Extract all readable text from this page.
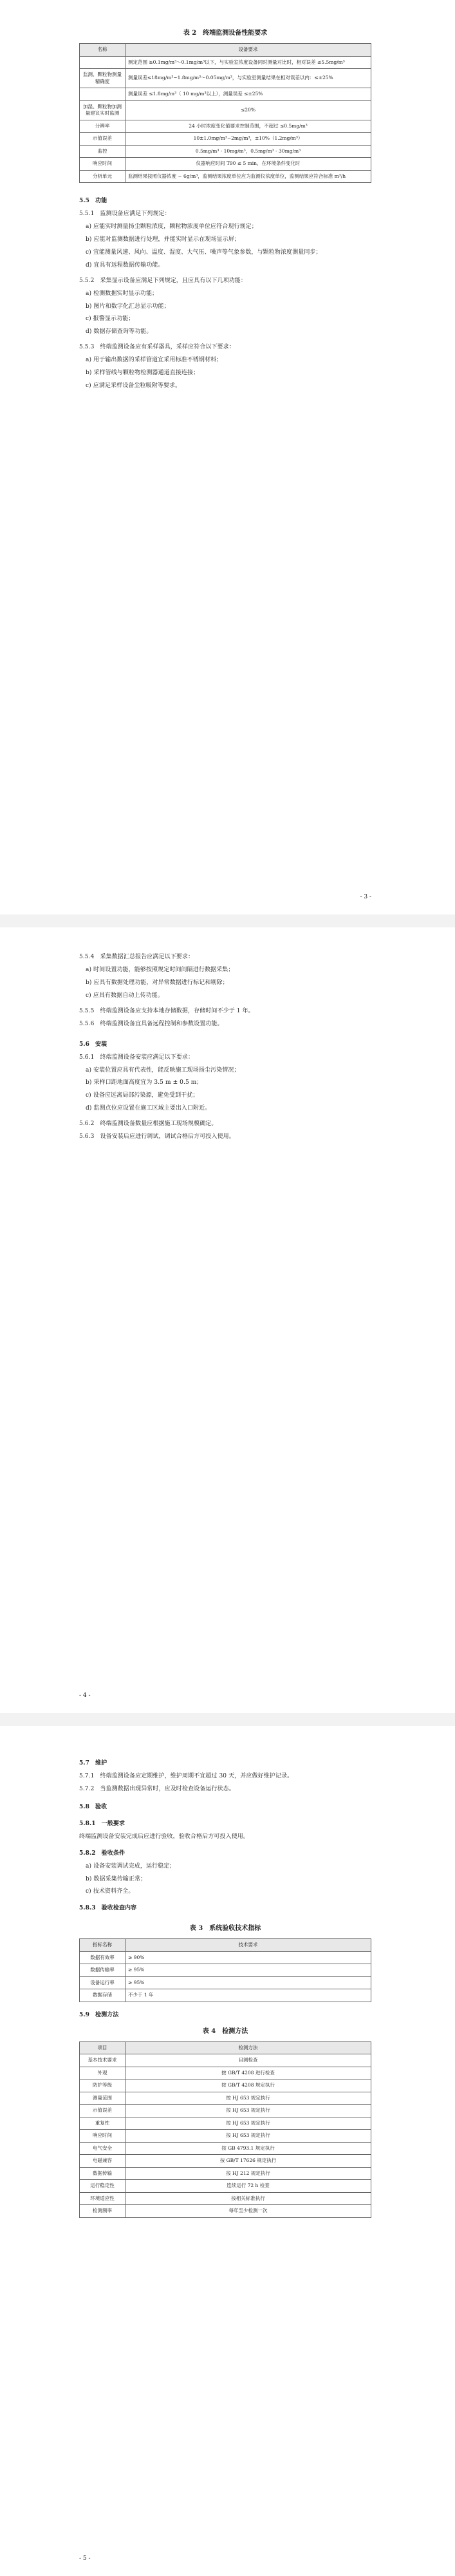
表 2　终端监测设备性能要求
名称	设备要求
	测定范围 ≥0.1mg/m³～0.1mg/m³以下，与实验室浓度设备同时测量对比时，相对误差 ≤5.5mg/m³
监测、颗粒物测量精确度	测量误差≤18mg/m³~1.8mg/m³～0.05mg/m³，与实验室测量结果在相对误差以内：≤±25%
	测量误差 ≤1.8mg/m³（ 10 mg/m³以上），测量误差 ≤±25%
加湿、颗粒物加测量建议实时监测	≤20%
分辨率	24 小时浓度变化值要求控制范围，不超过 ≤0.5mg/m³
示值误差	10±1.0mg/m³~2mg/m³，±10%（1.2mg/m³）
监控	0.5mg/m³ - 10mg/m³，0.5mg/m³ - 30mg/m³
响应时间	仪器响应时间 T90 ≤ 5 min，在环境条件变化时
分析单元	监测结果按照仪器浓度 ~ 6g/m³，监测结果浓度单位应为监测仪浓度单位，监测结果应符合标准 m³/h
5.5　功能
5.5.1　监测设备应满足下列规定：
a) 应能实时测量扬尘颗粒浓度，颗粒物浓度单位应符合现行规定；
b) 应能对监测数据进行处理，并能实时显示在现场显示屏；
c) 宜能测量风速、风向、温度、湿度、大气压、噪声等气象参数，与颗粒物浓度测量同步；
d) 宜具有远程数据传输功能。
5.5.2　采集显示设备应满足下列规定，且应具有以下几项功能：
a) 检测数据实时显示功能；
b) 图片和数字化汇总显示功能；
c) 报警显示功能；
d) 数据存储查询等功能。
5.5.3　终端监测设备应有采样器具，采样应符合以下要求：
a) 用于输出数据的采样管道宜采用标准不锈钢材料；
b) 采样管线与颗粒物检测器通道直接连接；
c) 应满足采样设备尘粒吸附等要求。
- 3 -
5.5.4　采集数据汇总报告应满足以下要求：
a) 时间设置功能，能够按照规定时间间隔进行数据采集；
b) 应具有数据处理功能，对异常数据进行标记和剔除；
c) 应具有数据自动上传功能。
5.5.5　终端监测设备应支持本地存储数据，存储时间不少于 1 年。
5.5.6　终端监测设备宜具备远程控制和参数设置功能。
5.6　安装
5.6.1　终端监测设备安装应满足以下要求：
a) 安装位置应具有代表性，能反映施工现场扬尘污染情况；
b) 采样口距地面高度宜为 3.5 m ± 0.5 m；
c) 设备应远离局部污染源，避免受到干扰；
d) 监测点位应设置在施工区域主要出入口附近。
5.6.2　终端监测设备数量应根据施工现场规模确定。
5.6.3　设备安装后应进行调试，调试合格后方可投入使用。
- 4 -
5.7　维护
5.7.1　终端监测设备应定期维护，维护周期不宜超过 30 天，并应做好维护记录。
5.7.2　当监测数据出现异常时，应及时检查设备运行状态。
5.8　验收
5.8.1　一般要求
终端监测设备安装完成后应进行验收，验收合格后方可投入使用。
5.8.2　验收条件
a) 设备安装调试完成，运行稳定；
b) 数据采集传输正常；
c) 技术资料齐全。
5.8.3　验收检查内容
表 3　系统验收技术指标
指标名称	技术要求
数据有效率	≥ 90%
数据传输率	≥ 95%
设备运行率	≥ 95%
数据存储	不少于 1 年
5.9　检测方法
表 4　检测方法
项目	检测方法
基本技术要求	目测检查
外观	按 GB/T 4208 进行检查
防护等级	按 GB/T 4208 规定执行
测量范围	按 HJ 653 规定执行
示值误差	按 HJ 653 规定执行
重复性	按 HJ 653 规定执行
响应时间	按 HJ 653 规定执行
电气安全	按 GB 4793.1 规定执行
电磁兼容	按 GB/T 17626 规定执行
数据传输	按 HJ 212 规定执行
运行稳定性	连续运行 72 h 检查
环境适应性	按相关标准执行
检测频率	每年至少检测一次
- 5 -
